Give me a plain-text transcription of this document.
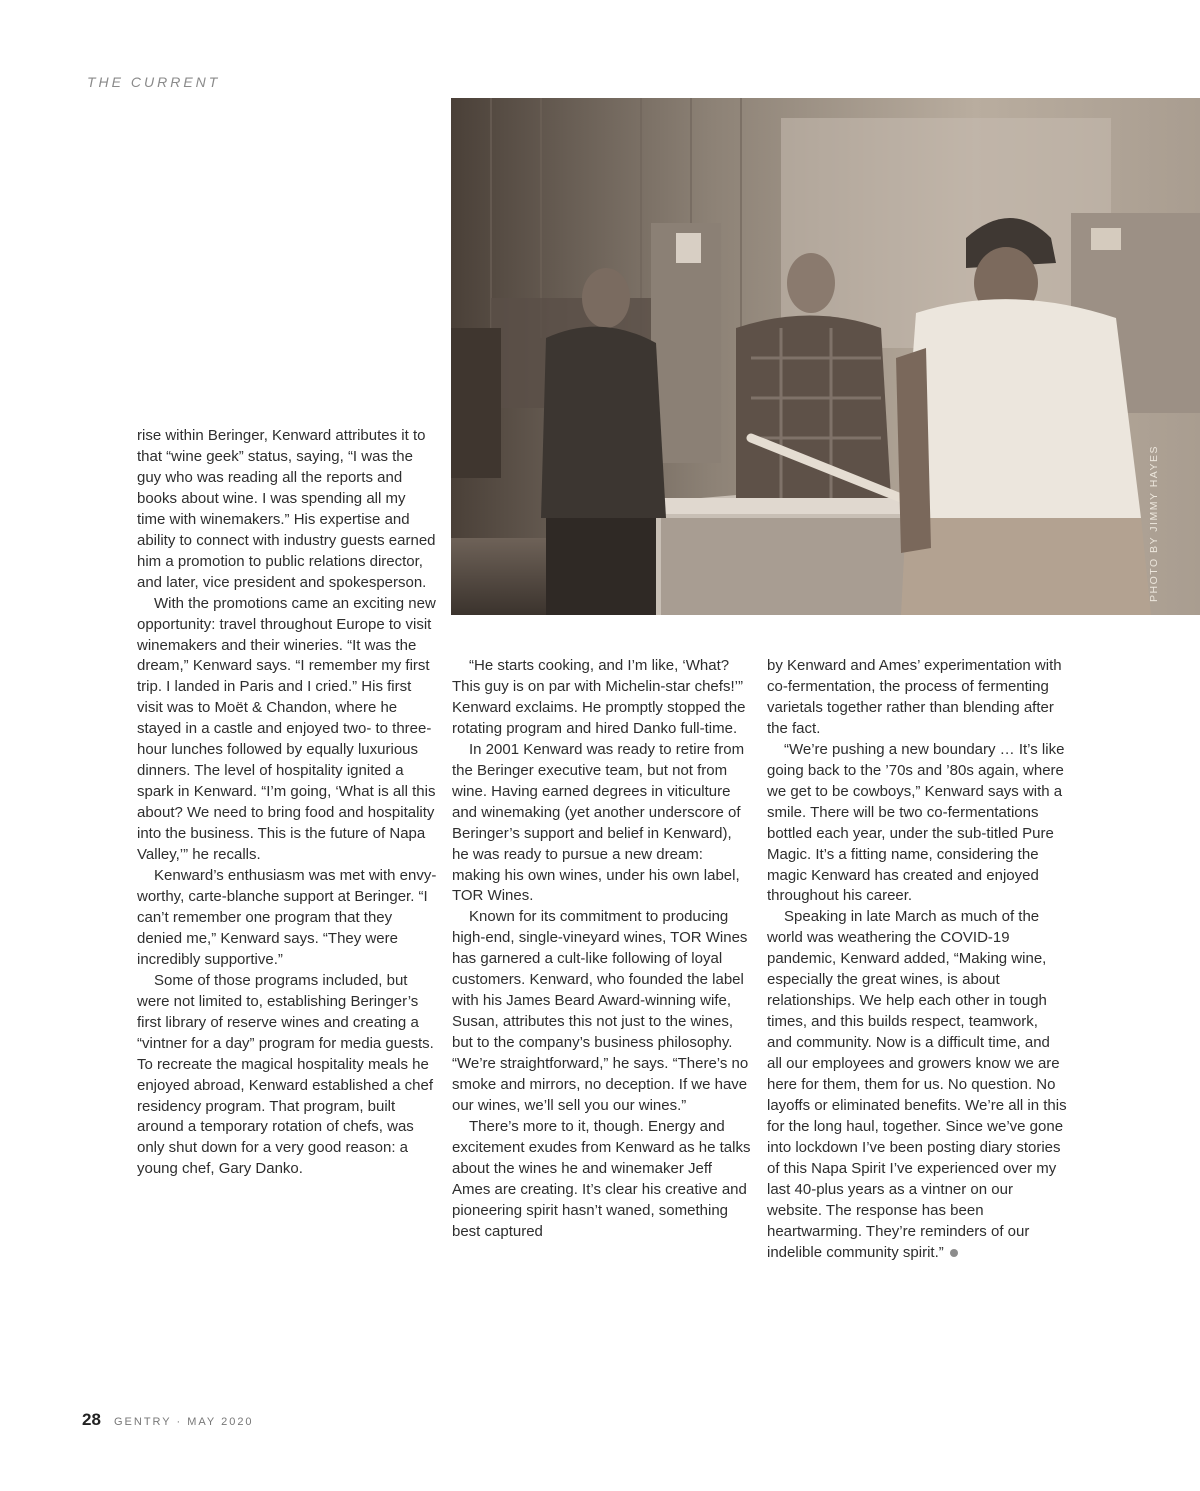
THE CURRENT
PHOTO BY JIMMY HAYES

rise within Beringer, Kenward attributes it to that “wine geek” status, saying, “I was the guy who was reading all the reports and books about wine. I was spending all my time with winemakers.” His expertise and ability to connect with industry guests earned him a promotion to public relations director, and later, vice president and spokesperson.

With the promotions came an exciting new opportunity: travel throughout Europe to visit winemakers and their wineries. “It was the dream,” Kenward says. “I remember my first trip. I landed in Paris and I cried.” His first visit was to Moët & Chandon, where he stayed in a castle and enjoyed two- to three-hour lunches followed by equally luxurious dinners. The level of hospitality ignited a spark in Kenward. “I’m going, ‘What is all this about? We need to bring food and hospitality into the business. This is the future of Napa Valley,’” he recalls.

Kenward’s enthusiasm was met with envy-worthy, carte-blanche support at Beringer. “I can’t remember one program that they denied me,” Kenward says. “They were incredibly supportive.”

Some of those programs included, but were not limited to, establishing Beringer’s first library of reserve wines and creating a “vintner for a day” program for media guests. To recreate the magical hospitality meals he enjoyed abroad, Kenward established a chef residency program. That program, built around a temporary rotation of chefs, was only shut down for a very good reason: a young chef, Gary Danko.

“He starts cooking, and I’m like, ‘What? This guy is on par with Michelin-star chefs!’” Kenward exclaims. He promptly stopped the rotating program and hired Danko full-time.

In 2001 Kenward was ready to retire from the Beringer executive team, but not from wine. Having earned degrees in viticulture and winemaking (yet another underscore of Beringer’s support and belief in Kenward), he was ready to pursue a new dream: making his own wines, under his own label, TOR Wines.

Known for its commitment to producing high-end, single-vineyard wines, TOR Wines has garnered a cult-like following of loyal customers. Kenward, who founded the label with his James Beard Award-winning wife, Susan, attributes this not just to the wines, but to the company’s business philosophy. “We’re straightforward,” he says. “There’s no smoke and mirrors, no deception. If we have our wines, we’ll sell you our wines.”

There’s more to it, though. Energy and excitement exudes from Kenward as he talks about the wines he and winemaker Jeff Ames are creating. It’s clear his creative and pioneering spirit hasn’t waned, something best captured

by Kenward and Ames’ experimentation with co-fermentation, the process of fermenting varietals together rather than blending after the fact.

“We’re pushing a new boundary … It’s like going back to the ’70s and ’80s again, where we get to be cowboys,” Kenward says with a smile. There will be two co-fermentations bottled each year, under the sub-titled Pure Magic. It’s a fitting name, considering the magic Kenward has created and enjoyed throughout his career.

Speaking in late March as much of the world was weathering the COVID-19 pandemic, Kenward added, “Making wine, especially the great wines, is about relationships. We help each other in tough times, and this builds respect, teamwork, and community. Now is a difficult time, and all our employees and growers know we are here for them, them for us. No question. No layoffs or eliminated benefits. We’re all in this for the long haul, together. Since we’ve gone into lockdown I’ve been posting diary stories of this Napa Spirit I’ve experienced over my last 40-plus years as a vintner on our website. The response has been heartwarming. They’re reminders of our indelible community spirit.”

28 GENTRY · MAY 2020
